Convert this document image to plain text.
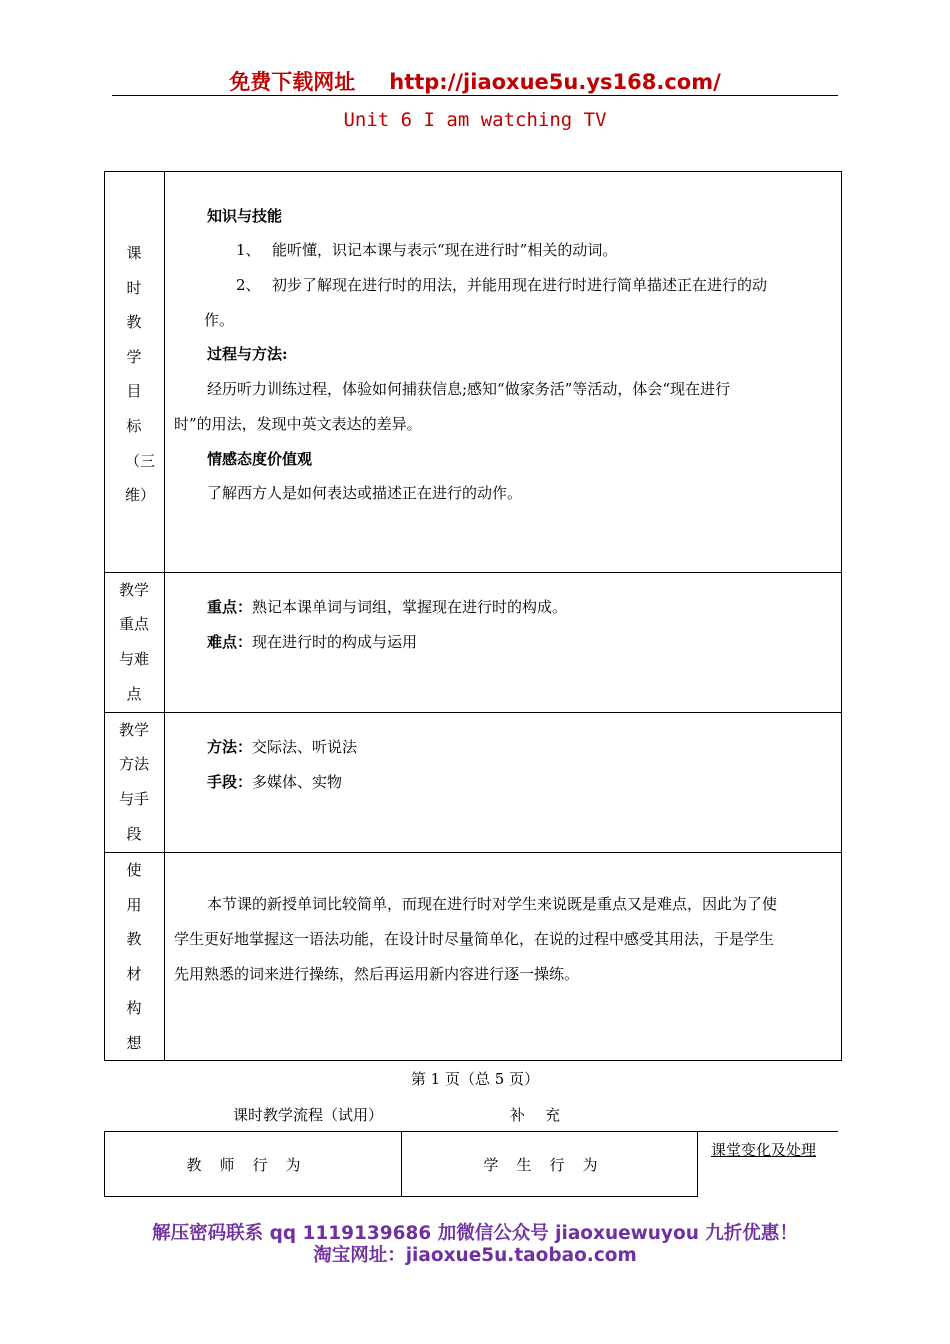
免费下载网址 http://jiaoxue5u.ys168.com/
Unit 6 I am watching TV
课时教学目标（三维）
知识与技能
1、 能听懂，识记本课与表示“现在进行时”相关的动词。
2、 初步了解现在进行时的用法，并能用现在进行时进行简单描述正在进行的动
作。
过程与方法:
经历听力训练过程，体验如何捕获信息;感知“做家务活”等活动，体会“现在进行
时”的用法，发现中英文表达的差异。
情感态度价值观
了解西方人是如何表达或描述正在进行的动作。
教学
重点
与难
点
重点：熟记本课单词与词组，掌握现在进行时的构成。
难点：现在进行时的构成与运用
教学
方法
与手
段
方法：交际法、听说法
手段：多媒体、实物
使用教材构想
本节课的新授单词比较简单，而现在进行时对学生来说既是重点又是难点，因此为了使
学生更好地掌握这一语法功能，在设计时尽量简单化，在说的过程中感受其用法，于是学生
先用熟悉的词来进行操练，然后再运用新内容进行逐一操练。
第 1 页（总 5 页）
课时教学流程（试用）	补充
教师行为	学生行为
课堂变化及处理
解压密码联系 qq 1119139686 加微信公众号 jiaoxuewuyou 九折优惠！
淘宝网址：jiaoxue5u.taobao.com
